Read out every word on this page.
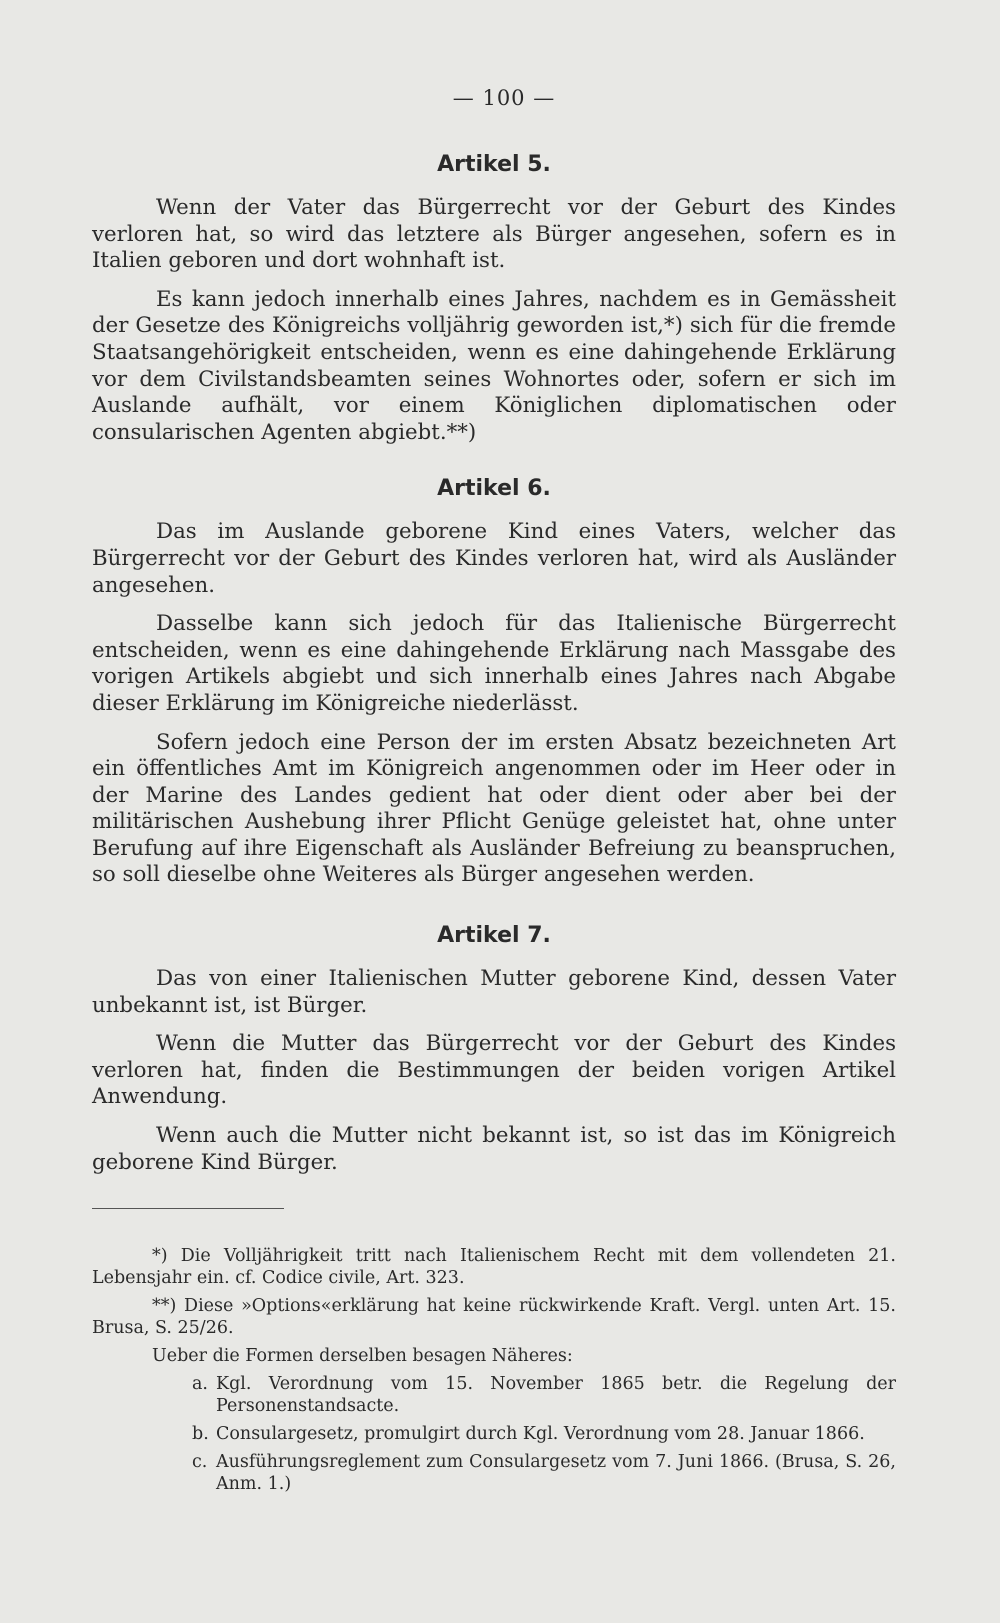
— 100 —
Artikel 5.

Wenn der Vater das Bürgerrecht vor der Geburt des Kindes verloren hat, so wird das letztere als Bürger angesehen, sofern es in Italien geboren und dort wohnhaft ist.

Es kann jedoch innerhalb eines Jahres, nachdem es in Gemässheit der Gesetze des Königreichs volljährig geworden ist,*) sich für die fremde Staatsangehörigkeit entscheiden, wenn es eine dahingehende Erklärung vor dem Civilstandsbeamten seines Wohnortes oder, sofern er sich im Auslande aufhält, vor einem Königlichen diplomatischen oder consularischen Agenten abgiebt.**)

Artikel 6.

Das im Auslande geborene Kind eines Vaters, welcher das Bürgerrecht vor der Geburt des Kindes verloren hat, wird als Ausländer angesehen.

Dasselbe kann sich jedoch für das Italienische Bürgerrecht entscheiden, wenn es eine dahingehende Erklärung nach Massgabe des vorigen Artikels abgiebt und sich innerhalb eines Jahres nach Abgabe dieser Erklärung im Königreiche niederlässt.

Sofern jedoch eine Person der im ersten Absatz bezeichneten Art ein öffentliches Amt im Königreich angenommen oder im Heer oder in der Marine des Landes gedient hat oder dient oder aber bei der militärischen Aushebung ihrer Pflicht Genüge geleistet hat, ohne unter Berufung auf ihre Eigenschaft als Ausländer Befreiung zu beanspruchen, so soll dieselbe ohne Weiteres als Bürger angesehen werden.

Artikel 7.

Das von einer Italienischen Mutter geborene Kind, dessen Vater unbekannt ist, ist Bürger.

Wenn die Mutter das Bürgerrecht vor der Geburt des Kindes verloren hat, finden die Bestimmungen der beiden vorigen Artikel Anwendung.

Wenn auch die Mutter nicht bekannt ist, so ist das im Königreich geborene Kind Bürger.

*) Die Volljährigkeit tritt nach Italienischem Recht mit dem vollendeten 21. Lebensjahr ein. cf. Codice civile, Art. 323.

**) Diese »Options«erklärung hat keine rückwirkende Kraft. Vergl. unten Art. 15. Brusa, S. 25/26.

Ueber die Formen derselben besagen Näheres:

a. Kgl. Verordnung vom 15. November 1865 betr. die Regelung der Personenstandsacte.
b. Consulargesetz, promulgirt durch Kgl. Verordnung vom 28. Januar 1866.
c. Ausführungsreglement zum Consulargesetz vom 7. Juni 1866. (Brusa, S. 26, Anm. 1.)
